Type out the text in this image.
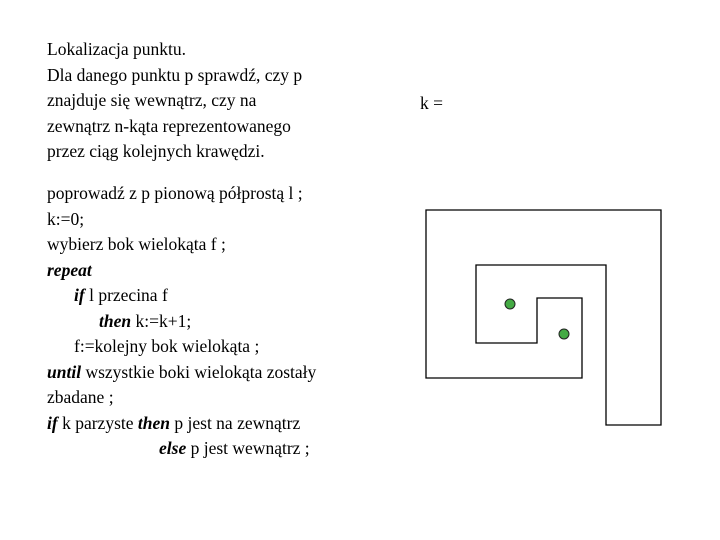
Lokalizacja punktu.
Dla danego punktu p sprawdź, czy p
znajduje się wewnątrz, czy na
zewnątrz n-kąta reprezentowanego
przez ciąg kolejnych krawędzi.
poprowadź z p pionową półprostą l ;
k:=0;
wybierz bok wielokąta f ;
repeat
if l przecina f
then k:=k+1;
f:=kolejny bok wielokąta ;
until wszystkie boki wielokąta zostały
zbadane ;
if k parzyste then p jest na zewnątrz
else p jest wewnątrz ;
k =
